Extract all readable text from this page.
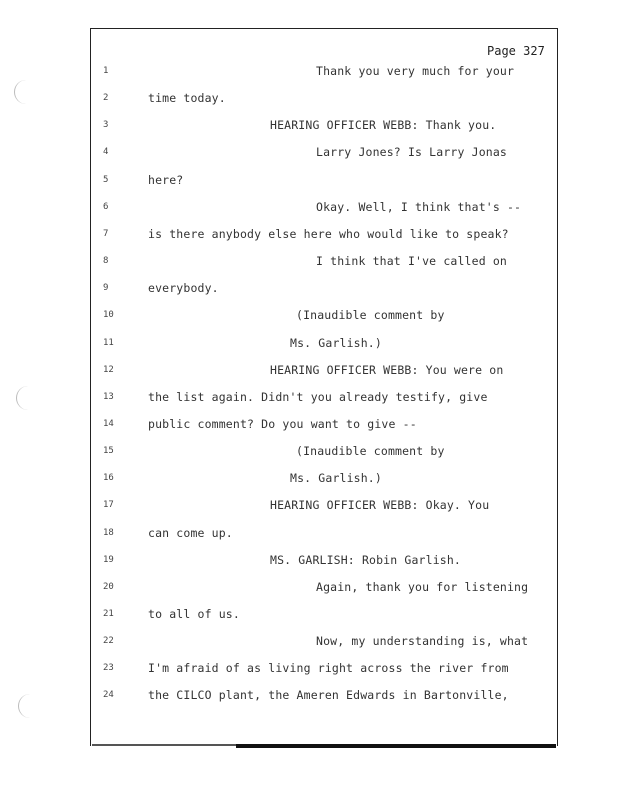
Page 327
1	Thank you very much for your
2	time today.
3	HEARING OFFICER WEBB: Thank you.
4	Larry Jones? Is Larry Jonas
5	here?
6	Okay. Well, I think that's --
7	is there anybody else here who would like to speak?
8	I think that I've called on
9	everybody.
10	(Inaudible comment by
11	Ms. Garlish.)
12	HEARING OFFICER WEBB: You were on
13	the list again. Didn't you already testify, give
14	public comment? Do you want to give --
15	(Inaudible comment by
16	Ms. Garlish.)
17	HEARING OFFICER WEBB: Okay. You
18	can come up.
19	MS. GARLISH: Robin Garlish.
20	Again, thank you for listening
21	to all of us.
22	Now, my understanding is, what
23	I'm afraid of as living right across the river from
24	the CILCO plant, the Ameren Edwards in Bartonville,
